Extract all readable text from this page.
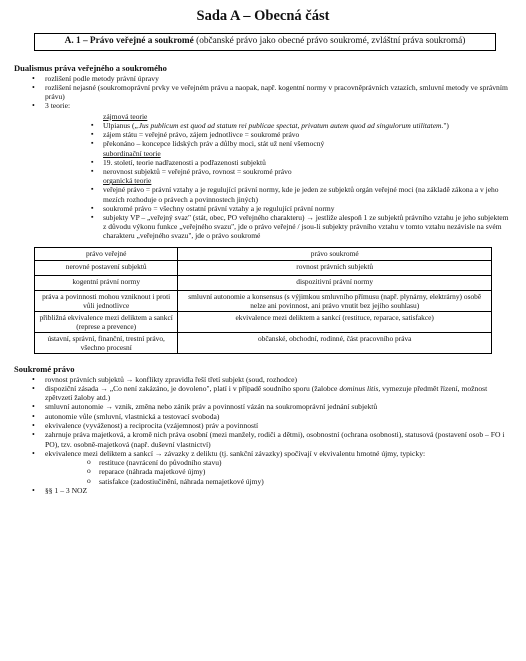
Sada A – Obecná část
A. 1 – Právo veřejné a soukromé (občanské právo jako obecné právo soukromé, zvláštní práva soukromá)
Dualismus práva veřejného a soukromého
• rozlišení podle metody právní úpravy
• rozlišení nejasné (soukromoprávní prvky ve veřejném právu a naopak, např. kogentní normy v pracovněprávních vztazích, smluvní metody ve správním právu)
• 3 teorie:
zájmová teorie
▪ Ulpianus („Jus publicum est quod ad statum rei publicae spectat, privatum autem quod ad singulorum utilitatem.")
▪ zájem státu = veřejné právo, zájem jednotlivce = soukromé právo
▪ překonáno – koncepce lidských práv a důlby moci, stát už není všemocný
subordinační teorie
▪ 19. století, teorie nadřazenosti a podřazenosti subjektů
▪ nerovnost subjektů = veřejné právo, rovnost = soukromé právo
organická teorie
▪ veřejné právo = právní vztahy a je regulující právní normy, kde je jeden ze subjektů orgán veřejné moci (na základě zákona a v jeho mezích rozhoduje o právech a povinnostech jiných)
▪ soukromé právo = všechny ostatní právní vztahy a je regulující právní normy
▪ subjekty VP – „veřejný svaz" (stát, obec, PO veřejného charakteru) → jestliže alespoň 1 ze subjektů právního vztahu je jeho subjektem z důvodu výkonu funkce „veřejného svazu", jde o právo veřejné / jsou-li subjekty právního vztahu v tomto vztahu nezávisle na svém charakteru „veřejného svazu", jde o právo soukromé
právo veřejné	právo soukromé
nerovné postavení subjektů	rovnost právních subjektů
kogentní právní normy	dispozitivní právní normy
práva a povinnosti mohou vzniknout i proti vůli jednotlivce	smluvní autonomie a konsensus (s výjimkou smluvního přímusu (např. plynárny, elektrárny) osobě nelze ani povinnost, ani právo vnutit bez jejího souhlasu)
přibližná ekvivalence mezi deliktem a sankcí (represe a prevence)	ekvivalence mezi deliktem a sankcí (restituce, reparace, satisfakce)
ústavní, správní, finanční, trestní právo, všechno procesní	občanské, obchodní, rodinné, část pracovního práva
Soukromé právo
• rovnost právních subjektů → konflikty zpravidla řeší třetí subjekt (soud, rozhodce)
• dispoziční zásada → „Co není zakázáno, je dovoleno", platí i v případě soudního sporu (žalobce dominus litis, vymezuje předmět řízení, možnost zpětvzetí žaloby atd.)
• smluvní autonomie → vznik, změna nebo zánik práv a povinností vázán na soukromoprávní jednání subjektů
• autonomie vůle (smluvní, vlastnická a testovací svoboda)
• ekvivalence (vyváženost) a reciprocita (vzájemnost) práv a povinností
• zahrnuje práva majetková, a kromě nich práva osobní (mezi manžely, rodiči a dětmi), osobnostní (ochrana osobnosti), statusová (postavení osob – FO i PO), tzv. osobně-majetková (např. duševní vlastnictví)
• ekvivalence mezi deliktem a sankcí → závazky z deliktu (tj. sankční závazky) spočívají v ekvivalentu hmotné újmy, typicky:
o restituce (navrácení do původního stavu)
o reparace (náhrada majetkové újmy)
o satisfakce (zadostiučinění, náhrada nemajetkové újmy)
• §§ 1 – 3 NOZ
